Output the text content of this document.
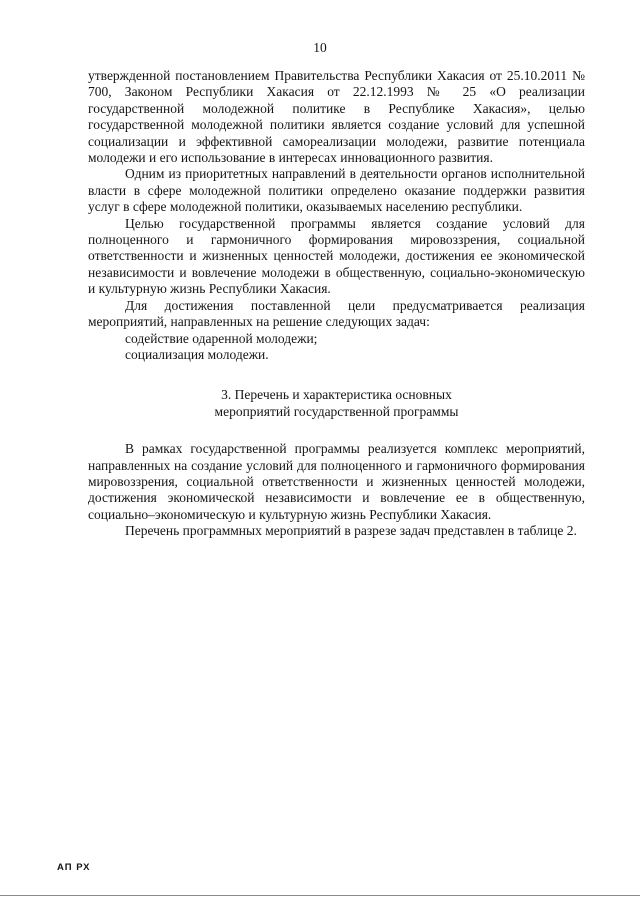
10

утвержденной постановлением Правительства Республики Хакасия от 25.10.2011 № 700, Законом Республики Хакасия от 22.12.1993 № 25 «О реализации государственной молодежной политике в Республике Хакасия», целью государственной молодежной политики является создание условий для успешной социализации и эффективной самореализации молодежи, развитие потенциала молодежи и его использование в интересах инновационного развития.

Одним из приоритетных направлений в деятельности органов исполнительной власти в сфере молодежной политики определено оказание поддержки развития услуг в сфере молодежной политики, оказываемых населению республики.

Целью государственной программы является создание условий для полноценного и гармоничного формирования мировоззрения, социальной ответственности и жизненных ценностей молодежи, достижения ее экономической независимости и вовлечение молодежи в общественную, социально-экономическую и культурную жизнь Республики Хакасия.

Для достижения поставленной цели предусматривается реализация мероприятий, направленных на решение следующих задач:

содействие одаренной молодежи;

социализация молодежи.

3. Перечень и характеристика основных
мероприятий государственной программы

В рамках государственной программы реализуется комплекс мероприятий, направленных на создание условий для полноценного и гармоничного формирования мировоззрения, социальной ответственности и жизненных ценностей молодежи, достижения экономической независимости и вовлечение ее в общественную, социально–экономическую и культурную жизнь Республики Хакасия.

Перечень программных мероприятий в разрезе задач представлен в таблице 2.

АП РХ
